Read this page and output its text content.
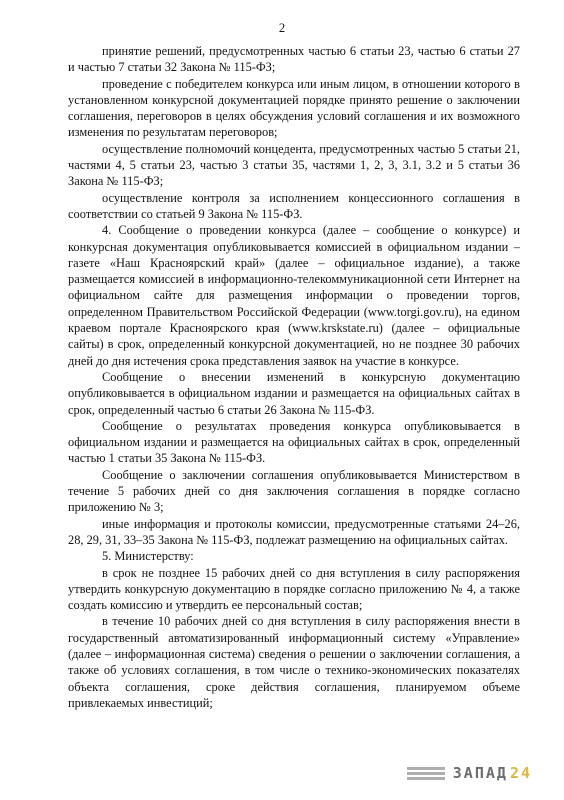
2

принятие решений, предусмотренных частью 6 статьи 23, частью 6 статьи 27 и частью 7 статьи 32 Закона № 115-ФЗ;

проведение с победителем конкурса или иным лицом, в отношении которого в установленном конкурсной документацией порядке принято решение о заключении соглашения, переговоров в целях обсуждения условий соглашения и их возможного изменения по результатам переговоров;

осуществление полномочий концедента, предусмотренных частью 5 статьи 21, частями 4, 5 статьи 23, частью 3 статьи 35, частями 1, 2, 3, 3.1, 3.2 и 5 статьи 36 Закона № 115-ФЗ;

осуществление контроля за исполнением концессионного соглашения в соответствии со статьей 9 Закона № 115-ФЗ.

4. Сообщение о проведении конкурса (далее – сообщение о конкурсе) и конкурсная документация опубликовывается комиссией в официальном издании – газете «Наш Красноярский край» (далее – официальное издание), а также размещается комиссией в информационно-телекоммуникационной сети Интернет на официальном сайте для размещения информации о проведении торгов, определенном Правительством Российской Федерации (www.torgi.gov.ru), на едином краевом портале Красноярского края (www.krskstate.ru) (далее – официальные сайты) в срок, определенный конкурсной документацией, но не позднее 30 рабочих дней до дня истечения срока представления заявок на участие в конкурсе.

Сообщение о внесении изменений в конкурсную документацию опубликовывается в официальном издании и размещается на официальных сайтах в срок, определенный частью 6 статьи 26 Закона № 115-ФЗ.

Сообщение о результатах проведения конкурса опубликовывается в официальном издании и размещается на официальных сайтах в срок, определенный частью 1 статьи 35 Закона № 115-ФЗ.

Сообщение о заключении соглашения опубликовывается Министерством в течение 5 рабочих дней со дня заключения соглашения в порядке согласно приложению № 3;

иные информация и протоколы комиссии, предусмотренные статьями 24–26, 28, 29, 31, 33–35 Закона № 115-ФЗ, подлежат размещению на официальных сайтах.

5. Министерству:

в срок не позднее 15 рабочих дней со дня вступления в силу распоряжения утвердить конкурсную документацию в порядке согласно приложению № 4, а также создать комиссию и утвердить ее персональный состав;

в течение 10 рабочих дней со дня вступления в силу распоряжения внести в государственный автоматизированный информационный систему «Управление» (далее – информационная система) сведения о решении о заключении соглашения, а также об условиях соглашения, в том числе о технико-экономических показателях объекта соглашения, сроке действия соглашения, планируемом объеме привлекаемых инвестиций;

ЗАПАД 24
